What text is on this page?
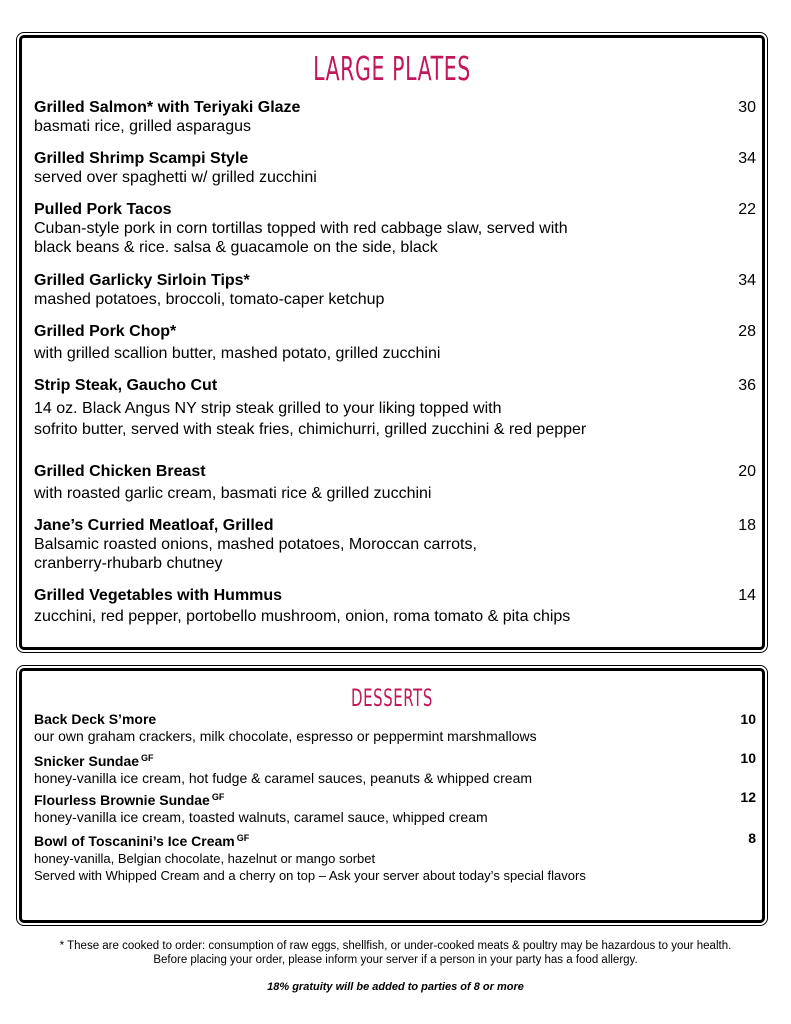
LARGE PLATES
Grilled Salmon* with Teriyaki Glaze
basmati rice, grilled asparagus
30
Grilled Shrimp Scampi Style
served over spaghetti w/ grilled zucchini
34
Pulled Pork Tacos
Cuban-style pork in corn tortillas topped with red cabbage slaw, served with
black beans & rice. salsa & guacamole on the side, black
22
Grilled Garlicky Sirloin Tips*
mashed potatoes, broccoli, tomato-caper ketchup
34
Grilled Pork Chop*
with grilled scallion butter, mashed potato, grilled zucchini
28
Strip Steak, Gaucho Cut
14 oz. Black Angus NY strip steak grilled to your liking topped with
sofrito butter, served with steak fries, chimichurri, grilled zucchini & red pepper
36
Grilled Chicken Breast
with roasted garlic cream, basmati rice & grilled zucchini
20
Jane’s Curried Meatloaf, Grilled
Balsamic roasted onions, mashed potatoes, Moroccan carrots,
cranberry-rhubarb chutney
18
Grilled Vegetables with Hummus
zucchini, red pepper, portobello mushroom, onion, roma tomato & pita chips
14
DESSERTS
Back Deck S’more
our own graham crackers, milk chocolate, espresso or peppermint marshmallows
10
Snicker Sundae $^{GF}$
honey-vanilla ice cream, hot fudge & caramel sauces, peanuts & whipped cream
10
Flourless Brownie Sundae $^{GF}$
honey-vanilla ice cream, toasted walnuts, caramel sauce, whipped cream
12
Bowl of Toscanini’s Ice Cream $^{GF}$
honey-vanilla, Belgian chocolate, hazelnut or mango sorbet
Served with Whipped Cream and a cherry on top – Ask your server about today’s special flavors
8
* These are cooked to order: consumption of raw eggs, shellfish, or under-cooked meats & poultry may be hazardous to your health.
Before placing your order, please inform your server if a person in your party has a food allergy.
18% gratuity will be added to parties of 8 or more
